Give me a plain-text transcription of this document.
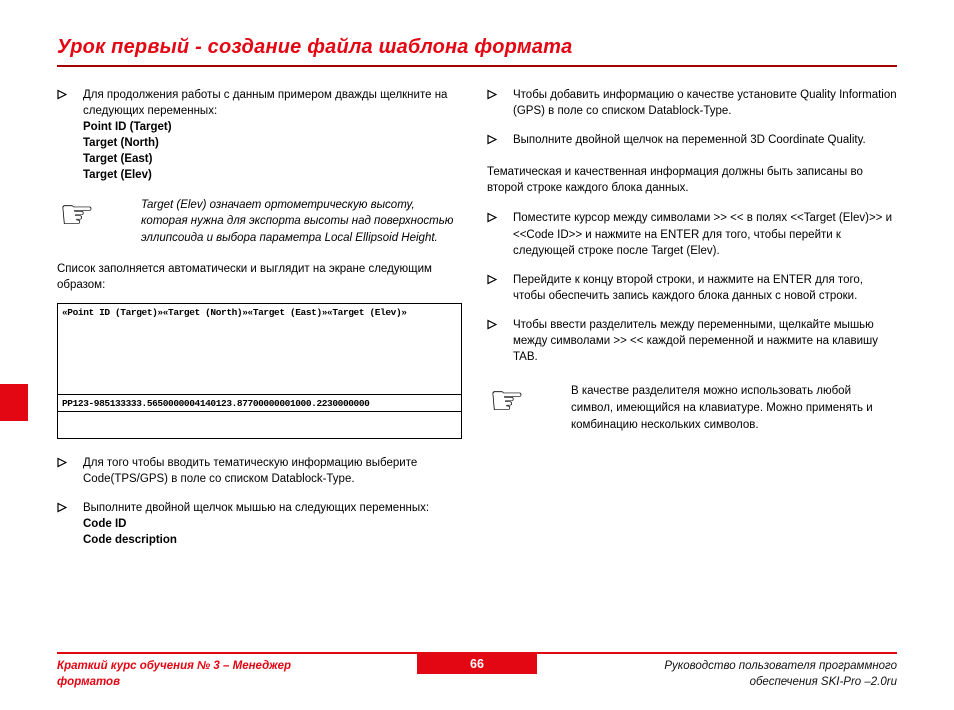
Урок первый - создание файла шаблона формата
Для продолжения работы с данным примером дважды щелкните на следующих переменных:
Point ID (Target)
Target (North)
Target (East)
Target (Elev)
☞	Target (Elev) означает ортометрическую высоту, которая нужна для экспорта высоты над поверхностью эллипсоида и выбора параметра Local Ellipsoid Height.
Список заполняется автоматически и выглядит на экране следующим образом:
«Point ID (Target)»«Target (North)»«Target (East)»«Target (Elev)»
PP123-985133333.5650000004140123.87700000001000.2230000000
Для того чтобы вводить тематическую информацию выберите Code(TPS/GPS) в поле со списком Datablock-Type.
Выполните двойной щелчок мышью на следующих переменных:
Code ID
Code description
Чтобы добавить информацию о качестве установите Quality Information (GPS) в поле со списком Datablock-Type.
Выполните двойной щелчок на переменной 3D Coordinate Quality.
Тематическая и качественная информация должны быть записаны во второй строке каждого блока данных.
Поместите курсор между символами >> << в полях <<Target (Elev)>> и <<Code ID>> и нажмите на ENTER для того, чтобы перейти к следующей строке после Target (Elev).
Перейдите к концу второй строки, и нажмите на ENTER для того, чтобы обеспечить запись каждого блока данных с новой строки.
Чтобы ввести разделитель между переменными, щелкайте мышью между символами >> << каждой переменной и нажмите на клавишу TAB.
☞	В качестве разделителя можно использовать любой символ, имеющийся на клавиатуре. Можно применять и комбинацию нескольких символов.
66
Краткий курс обучения № 3 – Менеджер
форматов
Руководство пользователя программного
обеспечения SKI-Pro –2.0ru
